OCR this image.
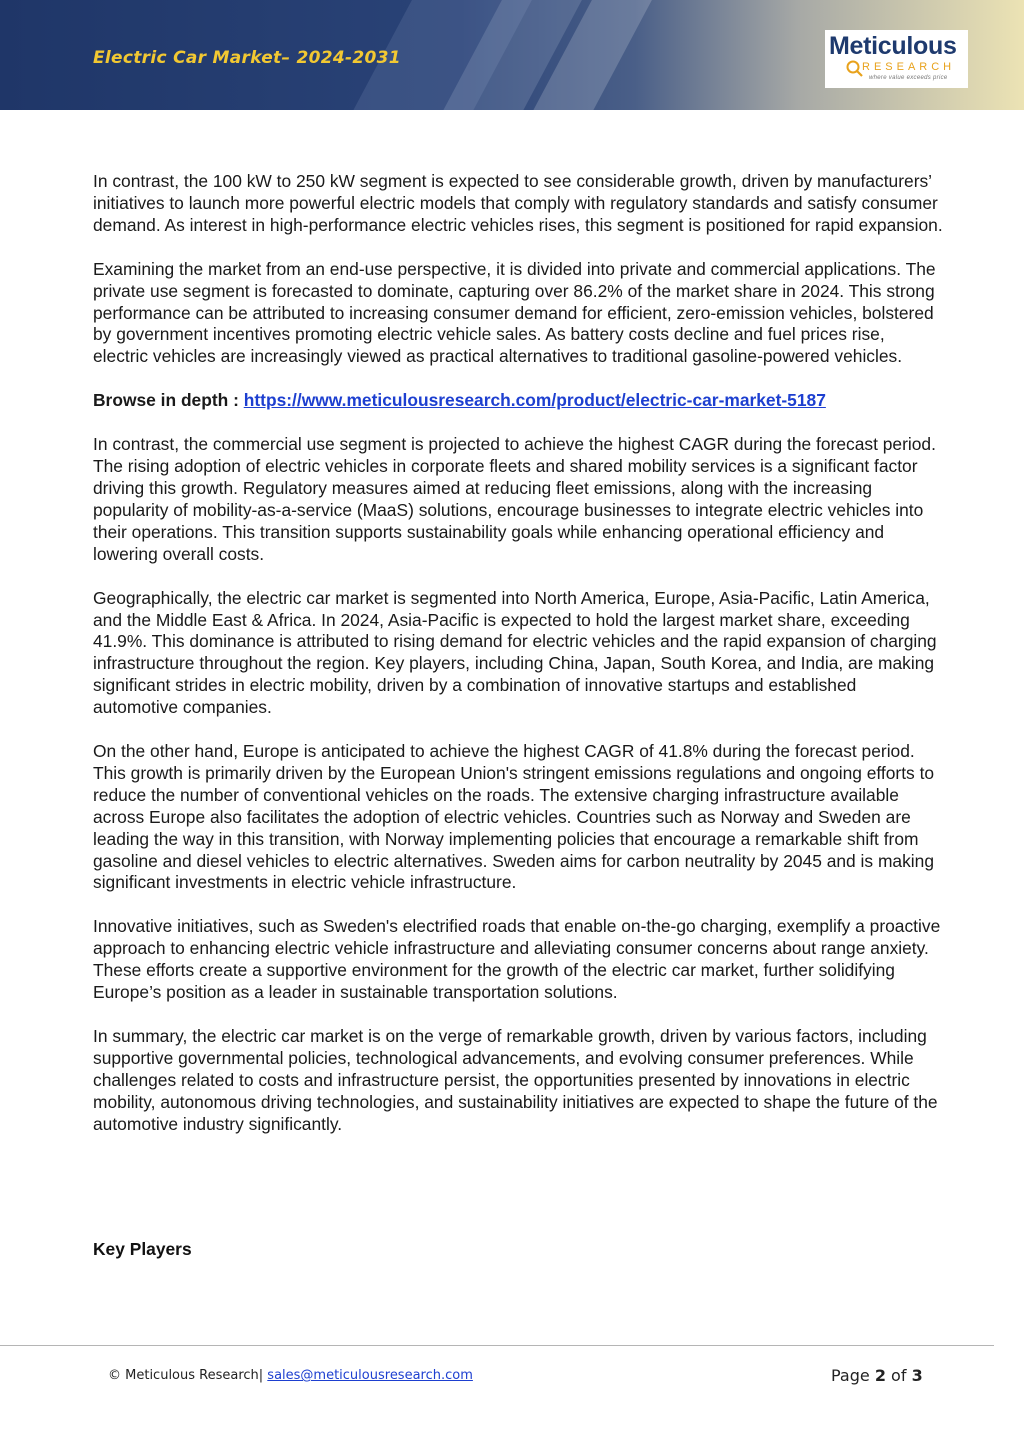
Electric Car Market– 2024-2031	Meticulous
RESEARCH
where value exceeds price

In contrast, the 100 kW to 250 kW segment is expected to see considerable growth, driven by manufacturers’ initiatives to launch more powerful electric models that comply with regulatory standards and satisfy consumer demand. As interest in high-performance electric vehicles rises, this segment is positioned for rapid expansion.

Examining the market from an end-use perspective, it is divided into private and commercial applications. The private use segment is forecasted to dominate, capturing over 86.2% of the market share in 2024. This strong performance can be attributed to increasing consumer demand for efficient, zero-emission vehicles, bolstered by government incentives promoting electric vehicle sales. As battery costs decline and fuel prices rise, electric vehicles are increasingly viewed as practical alternatives to traditional gasoline-powered vehicles.

Browse in depth : https://www.meticulousresearch.com/product/electric-car-market-5187

In contrast, the commercial use segment is projected to achieve the highest CAGR during the forecast period. The rising adoption of electric vehicles in corporate fleets and shared mobility services is a significant factor driving this growth. Regulatory measures aimed at reducing fleet emissions, along with the increasing popularity of mobility-as-a-service (MaaS) solutions, encourage businesses to integrate electric vehicles into their operations. This transition supports sustainability goals while enhancing operational efficiency and lowering overall costs.

Geographically, the electric car market is segmented into North America, Europe, Asia-Pacific, Latin America, and the Middle East & Africa. In 2024, Asia-Pacific is expected to hold the largest market share, exceeding 41.9%. This dominance is attributed to rising demand for electric vehicles and the rapid expansion of charging infrastructure throughout the region. Key players, including China, Japan, South Korea, and India, are making significant strides in electric mobility, driven by a combination of innovative startups and established automotive companies.

On the other hand, Europe is anticipated to achieve the highest CAGR of 41.8% during the forecast period. This growth is primarily driven by the European Union's stringent emissions regulations and ongoing efforts to reduce the number of conventional vehicles on the roads. The extensive charging infrastructure available across Europe also facilitates the adoption of electric vehicles. Countries such as Norway and Sweden are leading the way in this transition, with Norway implementing policies that encourage a remarkable shift from gasoline and diesel vehicles to electric alternatives. Sweden aims for carbon neutrality by 2045 and is making significant investments in electric vehicle infrastructure.

Innovative initiatives, such as Sweden's electrified roads that enable on-the-go charging, exemplify a proactive approach to enhancing electric vehicle infrastructure and alleviating consumer concerns about range anxiety. These efforts create a supportive environment for the growth of the electric car market, further solidifying Europe’s position as a leader in sustainable transportation solutions.

In summary, the electric car market is on the verge of remarkable growth, driven by various factors, including supportive governmental policies, technological advancements, and evolving consumer preferences. While challenges related to costs and infrastructure persist, the opportunities presented by innovations in electric mobility, autonomous driving technologies, and sustainability initiatives are expected to shape the future of the automotive industry significantly.

Key Players
© Meticulous Research| sales@meticulousresearch.com	Page 2 of 3
